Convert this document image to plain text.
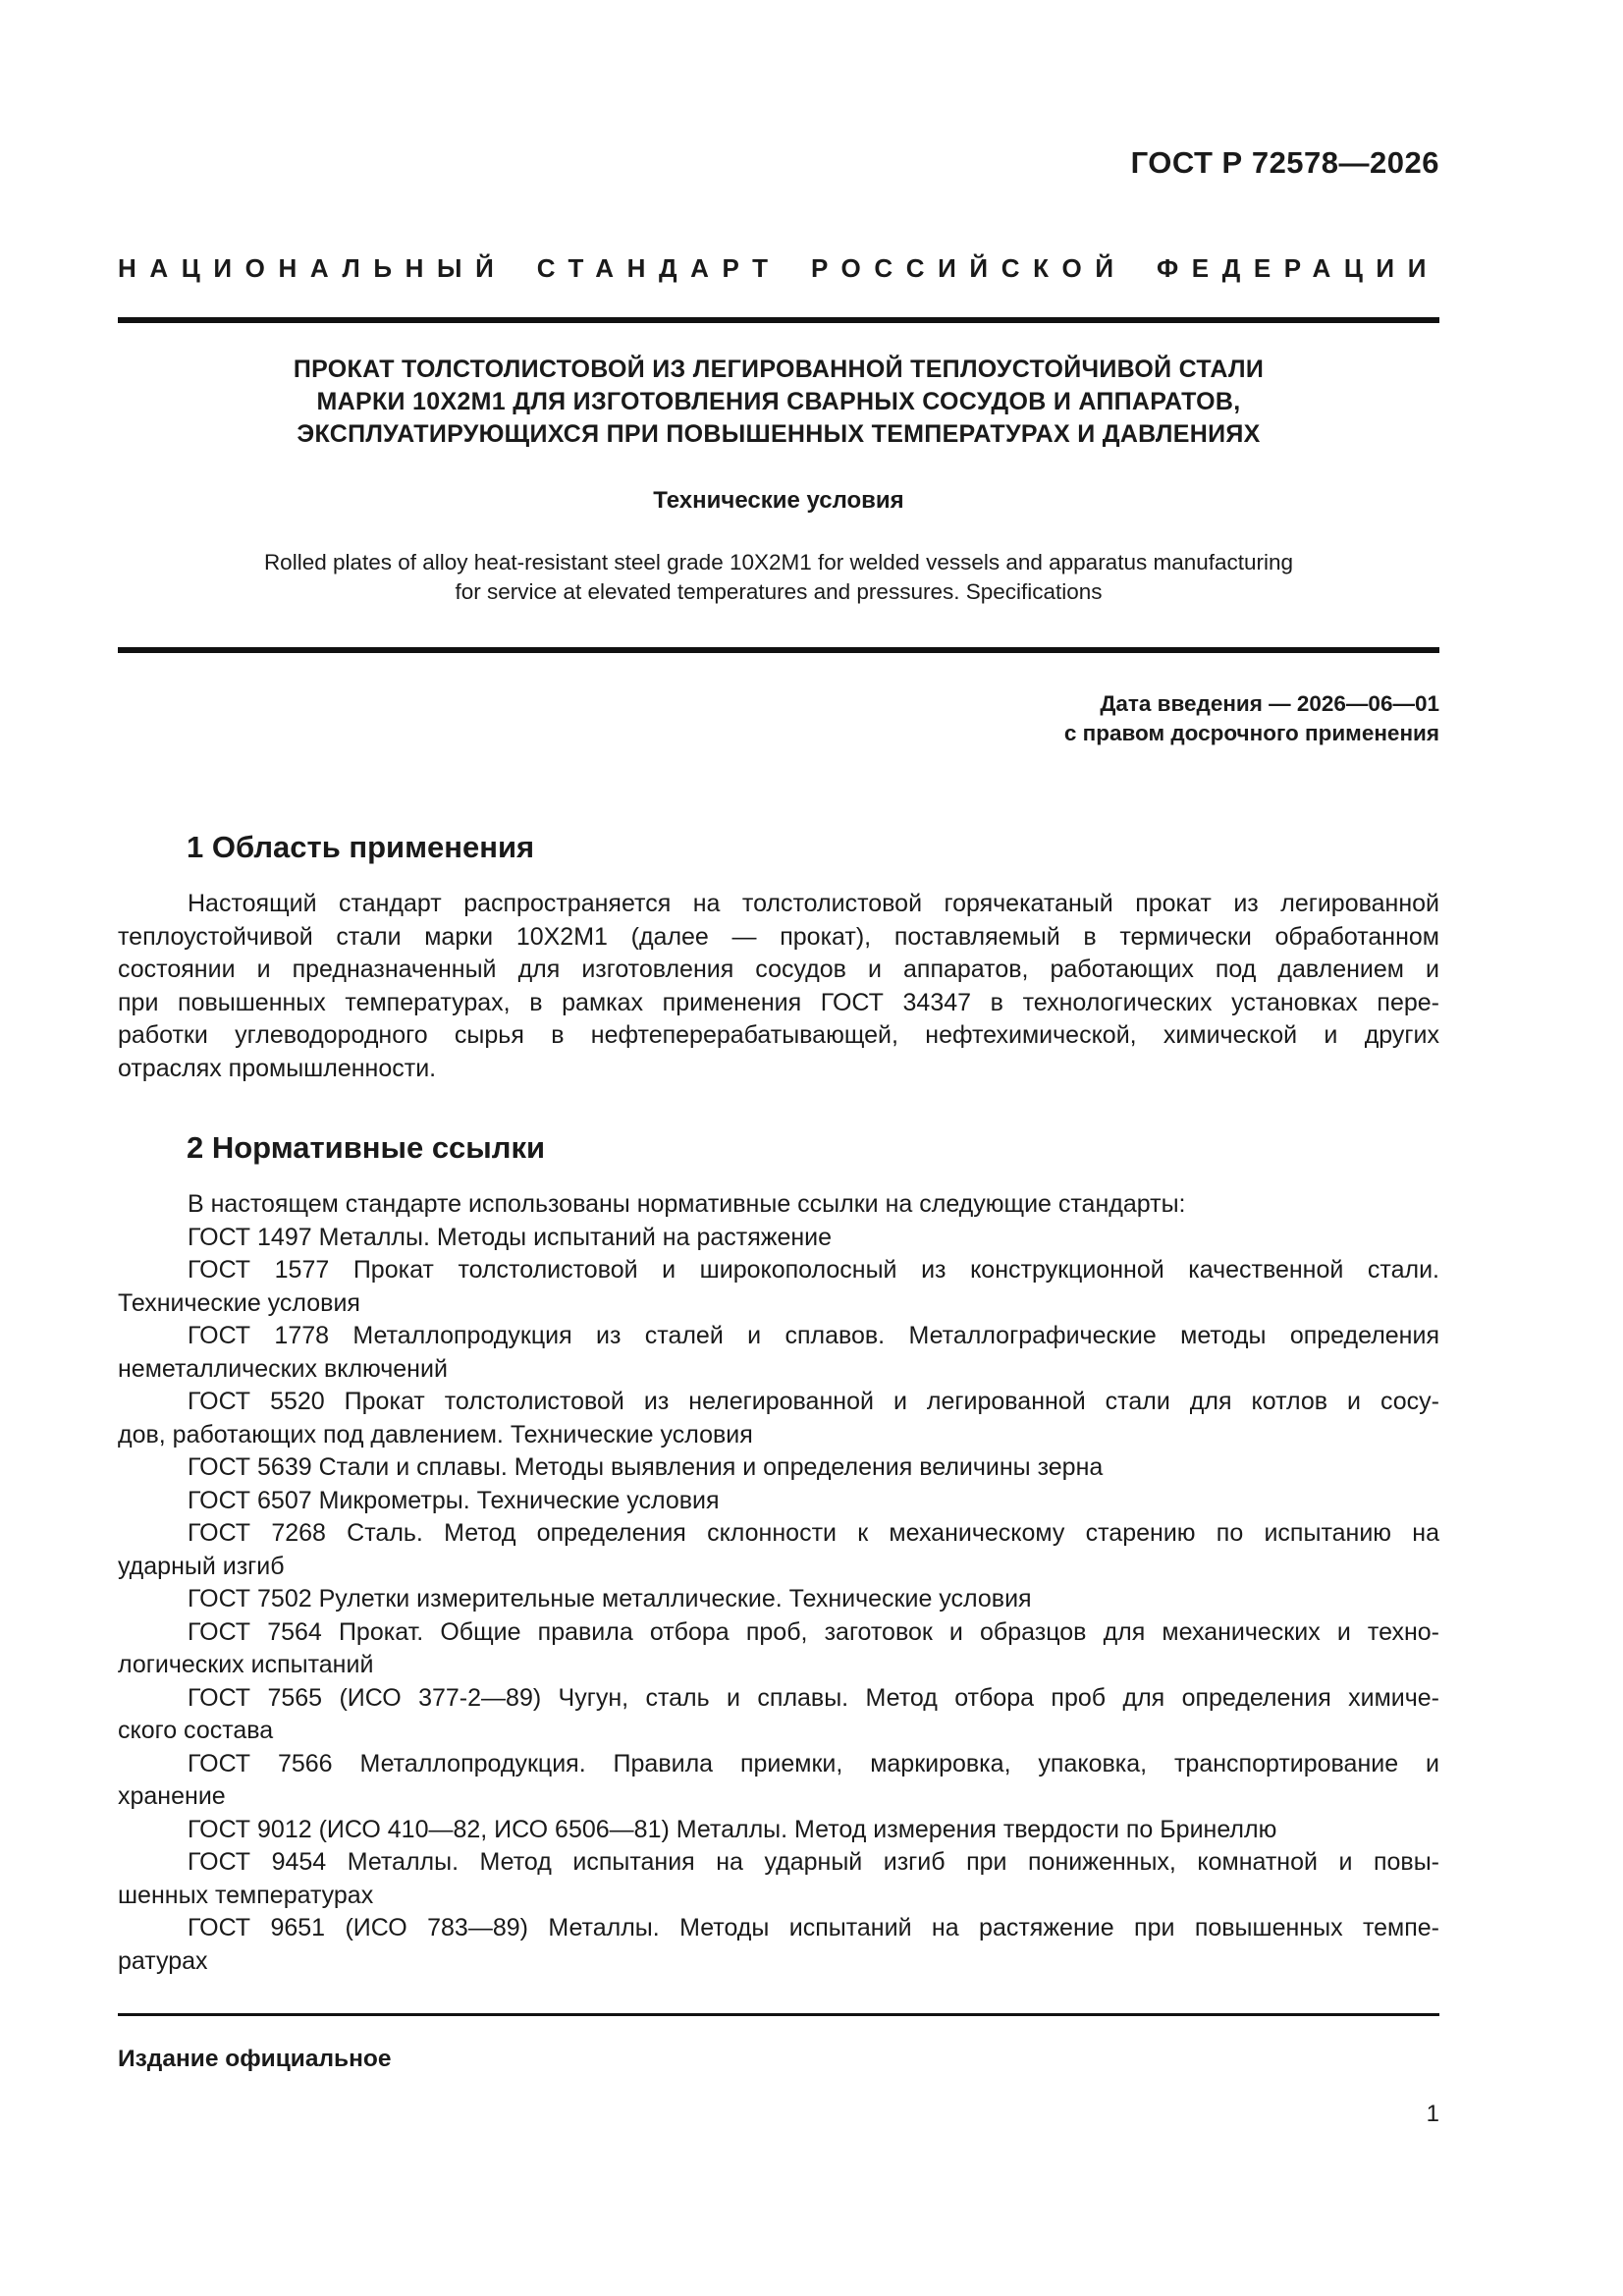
ГОСТ Р 72578—2026
НАЦИОНАЛЬНЫЙ СТАНДАРТ РОССИЙСКОЙ ФЕДЕРАЦИИ
ПРОКАТ ТОЛСТОЛИСТОВОЙ ИЗ ЛЕГИРОВАННОЙ ТЕПЛОУСТОЙЧИВОЙ СТАЛИ
МАРКИ 10Х2М1 ДЛЯ ИЗГОТОВЛЕНИЯ СВАРНЫХ СОСУДОВ И АППАРАТОВ,
ЭКСПЛУАТИРУЮЩИХСЯ ПРИ ПОВЫШЕННЫХ ТЕМПЕРАТУРАХ И ДАВЛЕНИЯХ
Технические условия
Rolled plates of alloy heat-resistant steel grade 10X2M1 for welded vessels and apparatus manufacturing
for service at elevated temperatures and pressures. Specifications
Дата введения — 2026—06—01
с правом досрочного применения
1 Область применения
Настоящий стандарт распространяется на толстолистовой горячекатаный прокат из легированной
теплоустойчивой стали марки 10Х2М1 (далее — прокат), поставляемый в термически обработанном
состоянии и предназначенный для изготовления сосудов и аппаратов, работающих под давлением и
при повышенных температурах, в рамках применения ГОСТ 34347 в технологических установках пере-
работки углеводородного сырья в нефтеперерабатывающей, нефтехимической, химической и других
отраслях промышленности.
2 Нормативные ссылки
В настоящем стандарте использованы нормативные ссылки на следующие стандарты:
ГОСТ 1497 Металлы. Методы испытаний на растяжение
ГОСТ 1577 Прокат толстолистовой и широкополосный из конструкционной качественной стали.
Технические условия
ГОСТ 1778 Металлопродукция из сталей и сплавов. Металлографические методы определения
неметаллических включений
ГОСТ 5520 Прокат толстолистовой из нелегированной и легированной стали для котлов и сосу-
дов, работающих под давлением. Технические условия
ГОСТ 5639 Стали и сплавы. Методы выявления и определения величины зерна
ГОСТ 6507 Микрометры. Технические условия
ГОСТ 7268 Сталь. Метод определения склонности к механическому старению по испытанию на
ударный изгиб
ГОСТ 7502 Рулетки измерительные металлические. Технические условия
ГОСТ 7564 Прокат. Общие правила отбора проб, заготовок и образцов для механических и техно-
логических испытаний
ГОСТ 7565 (ИСО 377-2—89) Чугун, сталь и сплавы. Метод отбора проб для определения химиче-
ского состава
ГОСТ 7566 Металлопродукция. Правила приемки, маркировка, упаковка, транспортирование и
хранение
ГОСТ 9012 (ИСО 410—82, ИСО 6506—81) Металлы. Метод измерения твердости по Бринеллю
ГОСТ 9454 Металлы. Метод испытания на ударный изгиб при пониженных, комнатной и повы-
шенных температурах
ГОСТ 9651 (ИСО 783—89) Металлы. Методы испытаний на растяжение при повышенных темпе-
ратурах
Издание официальное
1
